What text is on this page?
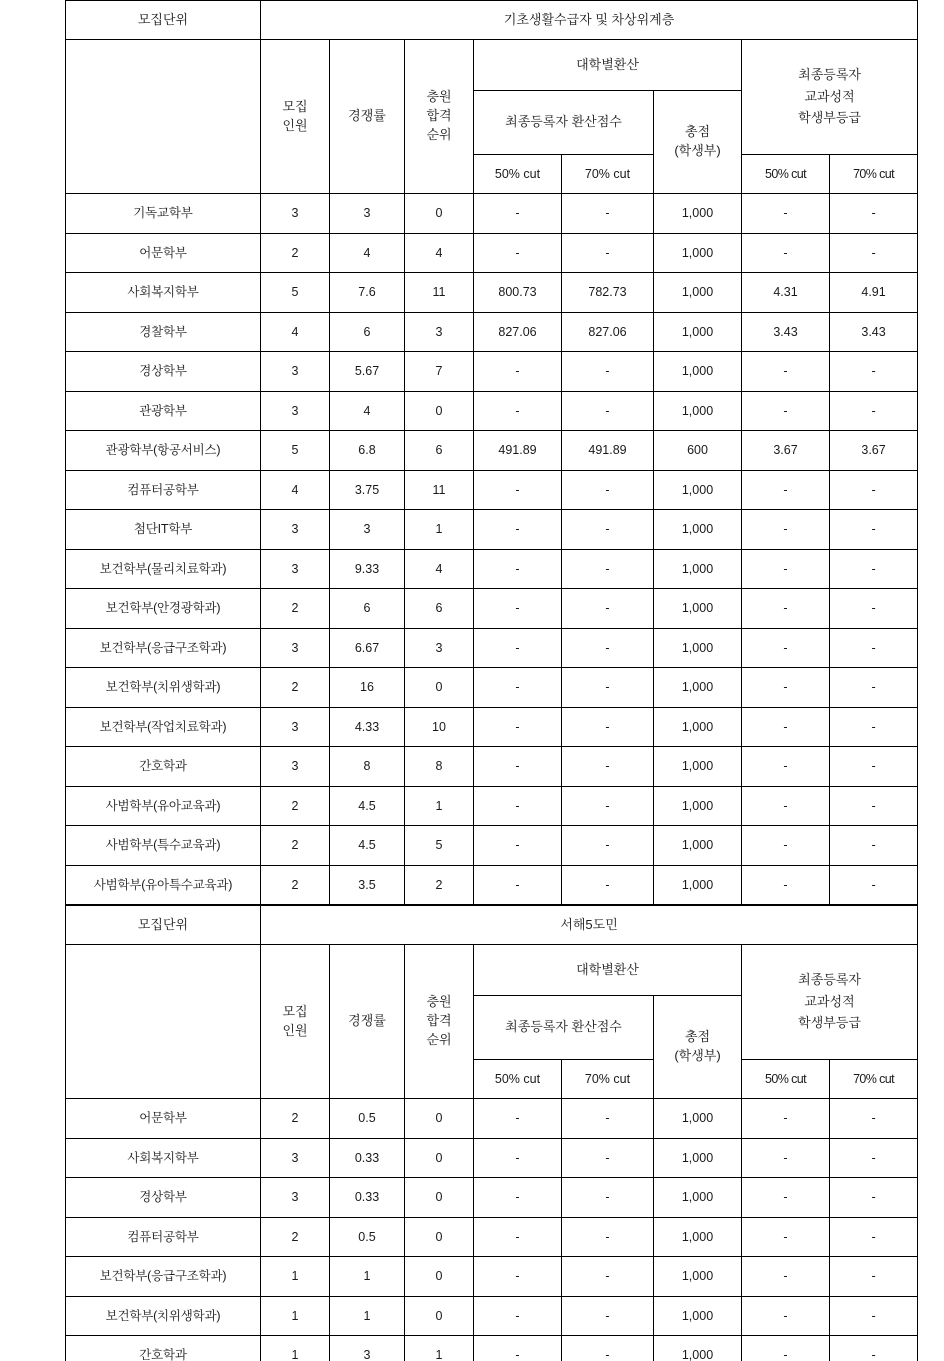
모집단위	기초생활수급자 및 차상위계층							

	모집
인원	경쟁률	충원
합격
순위	대학별환산			최종등록자
교과성적
학생부등급	

				최종등록자 환산점수		총점
(학생부)		

				50% cut	70% cut		50% cut	70% cut
기독교학부	3	3	0	-	-	1,000	-	-
어문학부	2	4	4	-	-	1,000	-	-
사회복지학부	5	7.6	11	800.73	782.73	1,000	4.31	4.91
경찰학부	4	6	3	827.06	827.06	1,000	3.43	3.43
경상학부	3	5.67	7	-	-	1,000	-	-
관광학부	3	4	0	-	-	1,000	-	-
관광학부(항공서비스)	5	6.8	6	491.89	491.89	600	3.67	3.67
컴퓨터공학부	4	3.75	11	-	-	1,000	-	-
첨단IT학부	3	3	1	-	-	1,000	-	-
보건학부(물리치료학과)	3	9.33	4	-	-	1,000	-	-
보건학부(안경광학과)	2	6	6	-	-	1,000	-	-
보건학부(응급구조학과)	3	6.67	3	-	-	1,000	-	-
보건학부(치위생학과)	2	16	0	-	-	1,000	-	-
보건학부(작업치료학과)	3	4.33	10	-	-	1,000	-	-
간호학과	3	8	8	-	-	1,000	-	-
사범학부(유아교육과)	2	4.5	1	-	-	1,000	-	-
사범학부(특수교육과)	2	4.5	5	-	-	1,000	-	-
사범학부(유아특수교육과)	2	3.5	2	-	-	1,000	-	-
모집단위	서해5도민							

	모집
인원	경쟁률	충원
합격
순위	대학별환산			최종등록자
교과성적
학생부등급	

				최종등록자 환산점수		총점
(학생부)		

				50% cut	70% cut		50% cut	70% cut
어문학부	2	0.5	0	-	-	1,000	-	-
사회복지학부	3	0.33	0	-	-	1,000	-	-
경상학부	3	0.33	0	-	-	1,000	-	-
컴퓨터공학부	2	0.5	0	-	-	1,000	-	-
보건학부(응급구조학과)	1	1	0	-	-	1,000	-	-
보건학부(치위생학과)	1	1	0	-	-	1,000	-	-
간호학과	1	3	1	-	-	1,000	-	-
